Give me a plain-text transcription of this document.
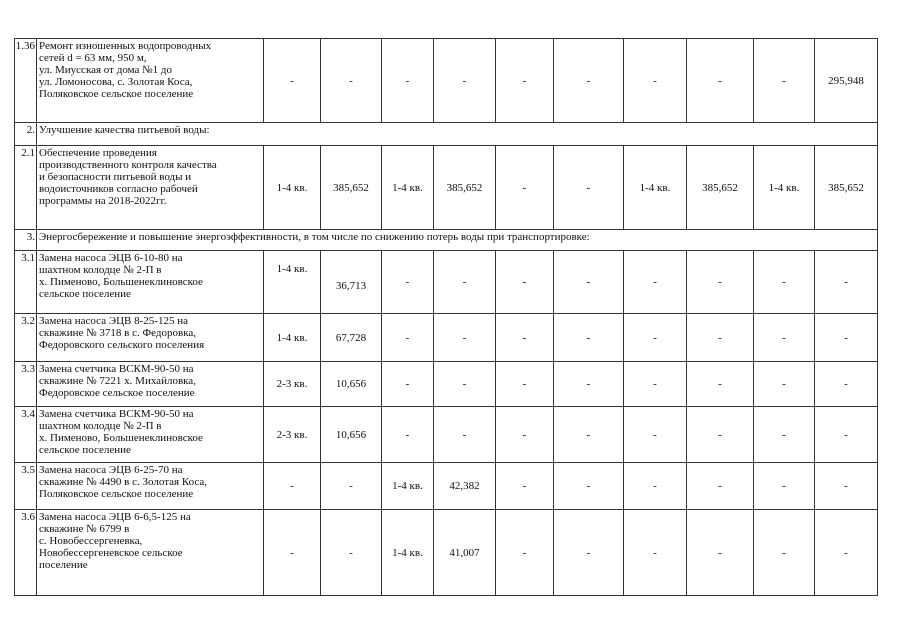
1.36	Ремонт изношенных водопроводных
сетей d = 63 мм, 950 м,
ул. Миусская от дома №1 до
ул. Ломоносова, с. Золотая Коса,
Поляковское сельское поселение	-	-	-	-	-	-	-	-	-	295,948
2.	Улучшение качества питьевой воды:										
2.1	Обеспечение проведения
производственного контроля качества
и безопасности питьевой воды и
водоисточников согласно рабочей
программы на 2018-2022гг.	1-4 кв.	385,652	1-4 кв.	385,652	-	-	1-4 кв.	385,652	1-4 кв.	385,652
3.	Энергосбережение и повышение энергоэффективности, в том числе по снижению потерь воды при транспортировке:										
3.1	Замена насоса ЭЦВ 6-10-80 на
шахтном колодце № 2-П в
х. Пименово, Большенеклиновское
сельское поселение	1-4 кв.	36,713	-	-	-	-	-	-	-	-
3.2	Замена насоса ЭЦВ 8-25-125 на
скважине № 3718 в с. Федоровка,
Федоровского сельского поселения	1-4 кв.	67,728	-	-	-	-	-	-	-	-
3.3	Замена счетчика ВСКМ-90-50 на
скважине № 7221 х. Михайловка,
Федоровское сельское поселение	2-3 кв.	10,656	-	-	-	-	-	-	-	-
3.4	Замена счетчика ВСКМ-90-50 на
шахтном колодце № 2-П в
х. Пименово, Большенеклиновское
сельское поселение	2-3 кв.	10,656	-	-	-	-	-	-	-	-
3.5	Замена насоса ЭЦВ 6-25-70 на
скважине № 4490 в с. Золотая Коса,
Поляковское сельское поселение	-	-	1-4 кв.	42,382	-	-	-	-	-	-
3.6	Замена насоса ЭЦВ 6-6,5-125 на
скважине № 6799 в
с. Новобессергеневка,
Новобессергеневское сельское
поселение	-	-	1-4 кв.	41,007	-	-	-	-	-	-
